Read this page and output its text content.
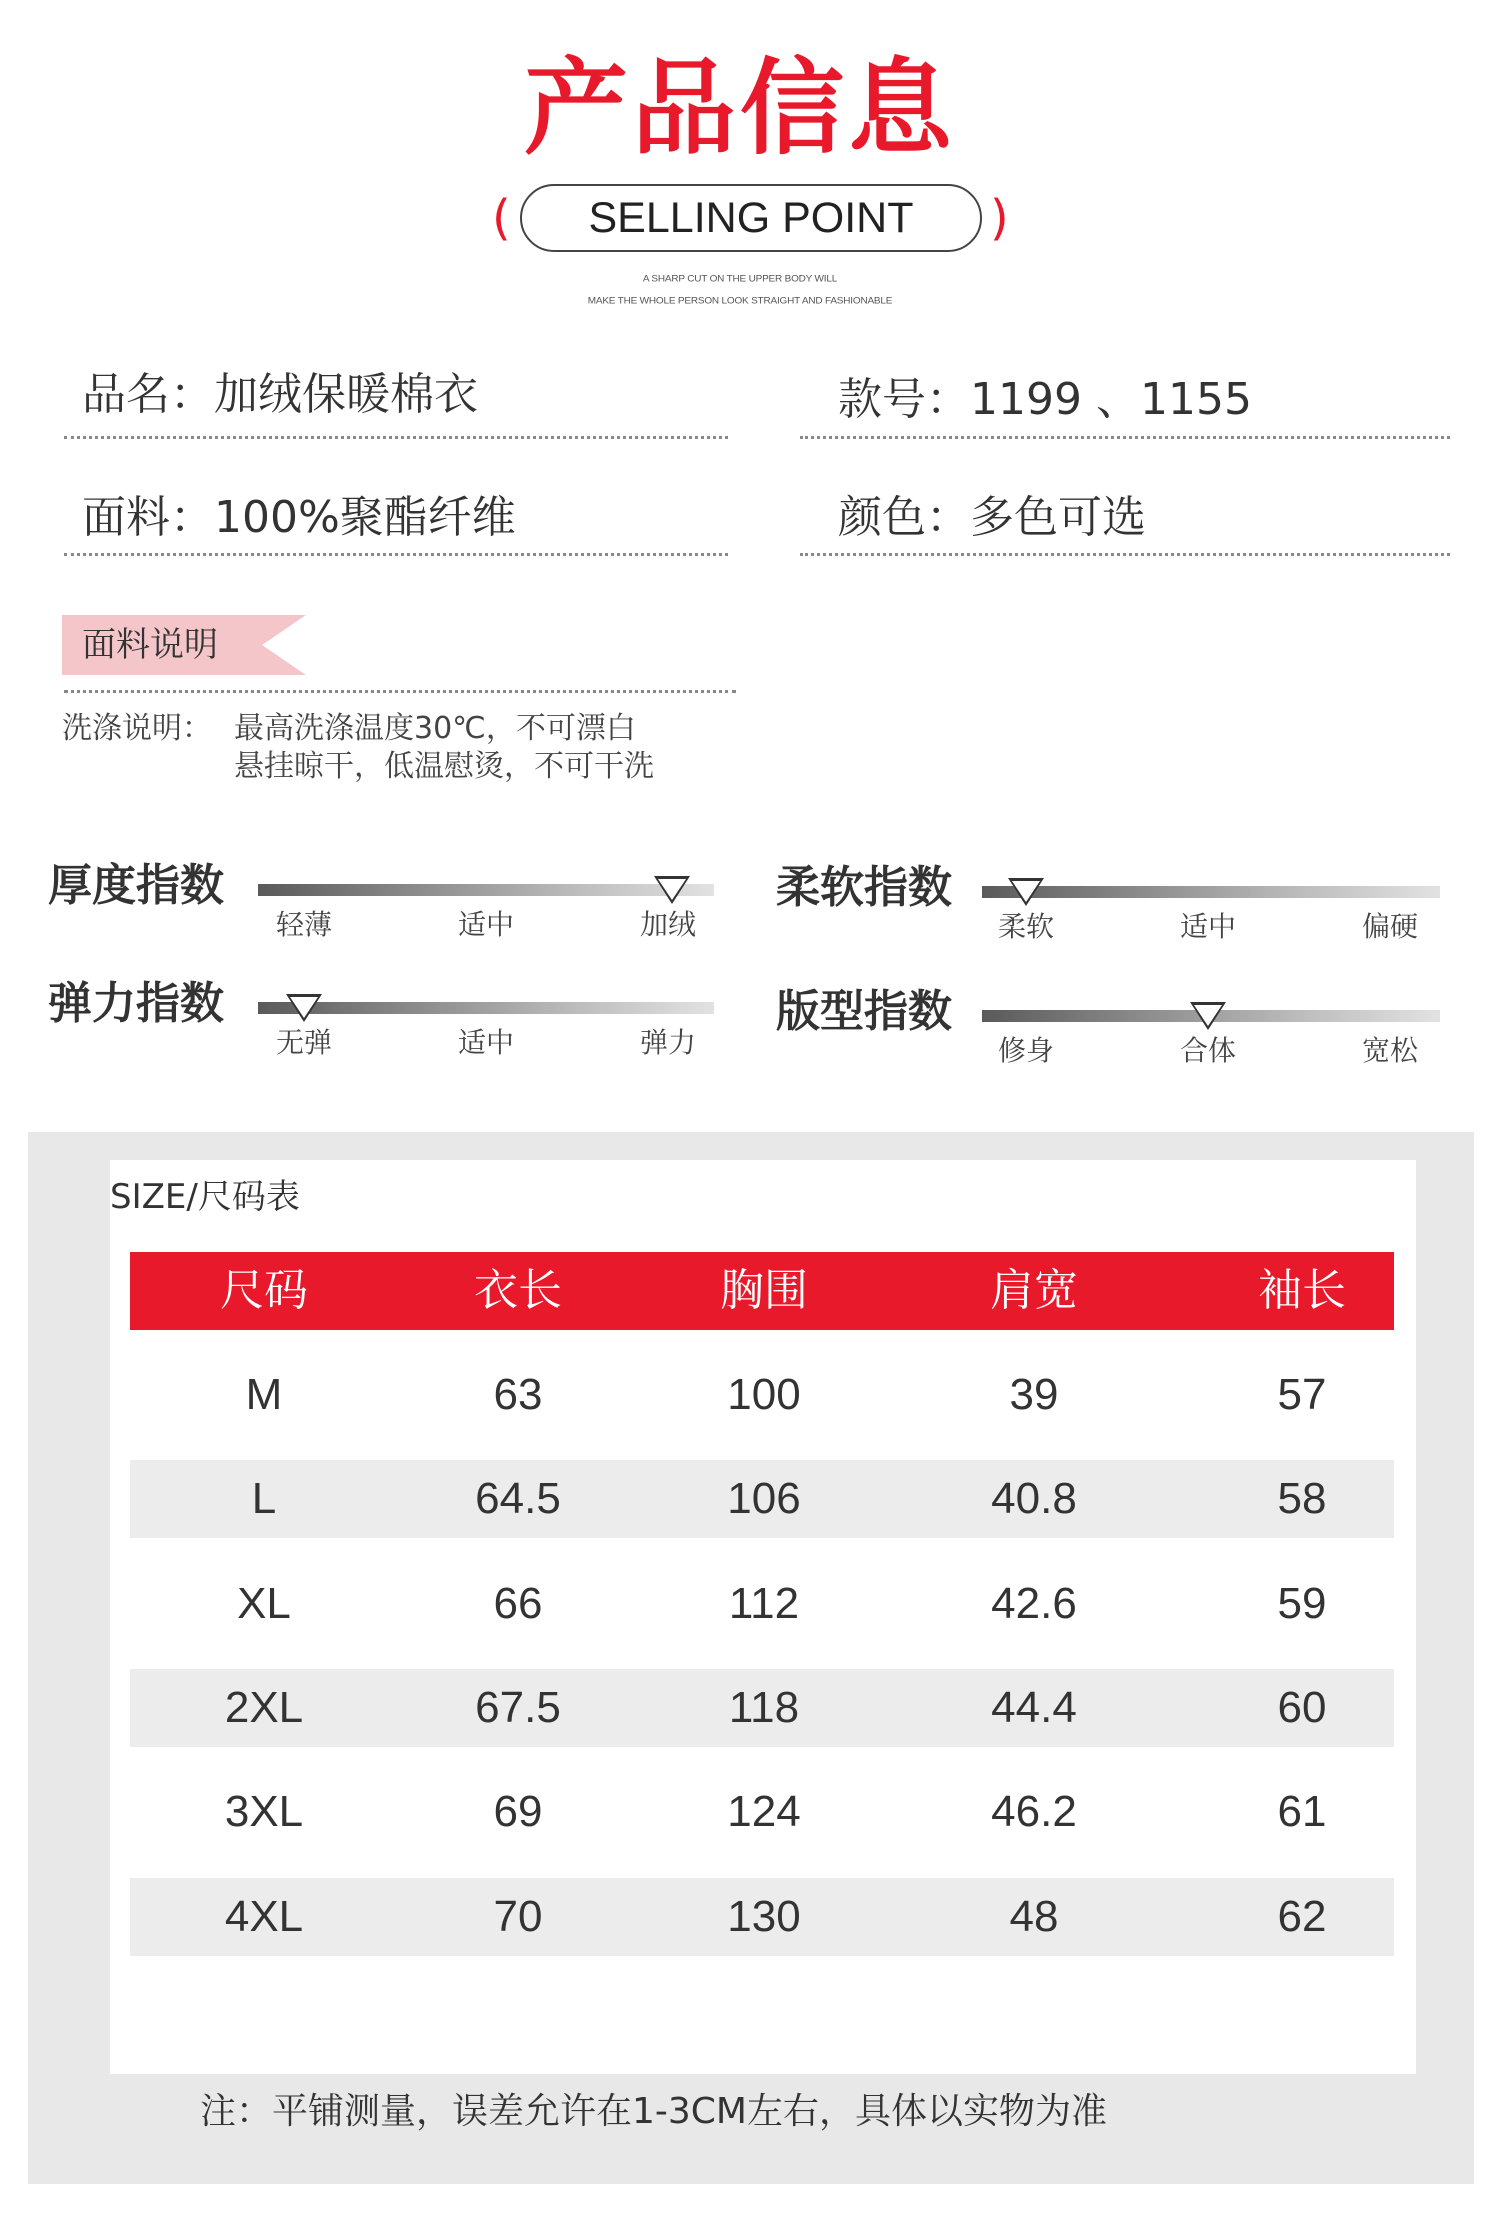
产品信息
(	SELLING POINT	)
A SHARP CUT ON THE UPPER BODY WILL
MAKE THE WHOLE PERSON LOOK STRAIGHT AND FASHIONABLE
品名：加绒保暖棉衣	款号：1199 、1155
面料：100%聚酯纤维	颜色：多色可选
面料说明
洗涤说明： 最高洗涤温度30℃，不可漂白
悬挂晾干，低温慰烫，不可干洗
厚度指数
轻薄	适中	加绒
柔软指数
柔软	适中	偏硬
弹力指数
无弹	适中	弹力
版型指数
修身	合体	宽松
SIZE/尺码表
尺码	衣长	胸围	肩宽	袖长
M	63	100	39	57
L	64.5	106	40.8	58
XL	66	112	42.6	59
2XL	67.5	118	44.4	60
3XL	69	124	46.2	61
4XL	70	130	48	62
注：平铺测量，误差允许在1-3CM左右，具体以实物为准
